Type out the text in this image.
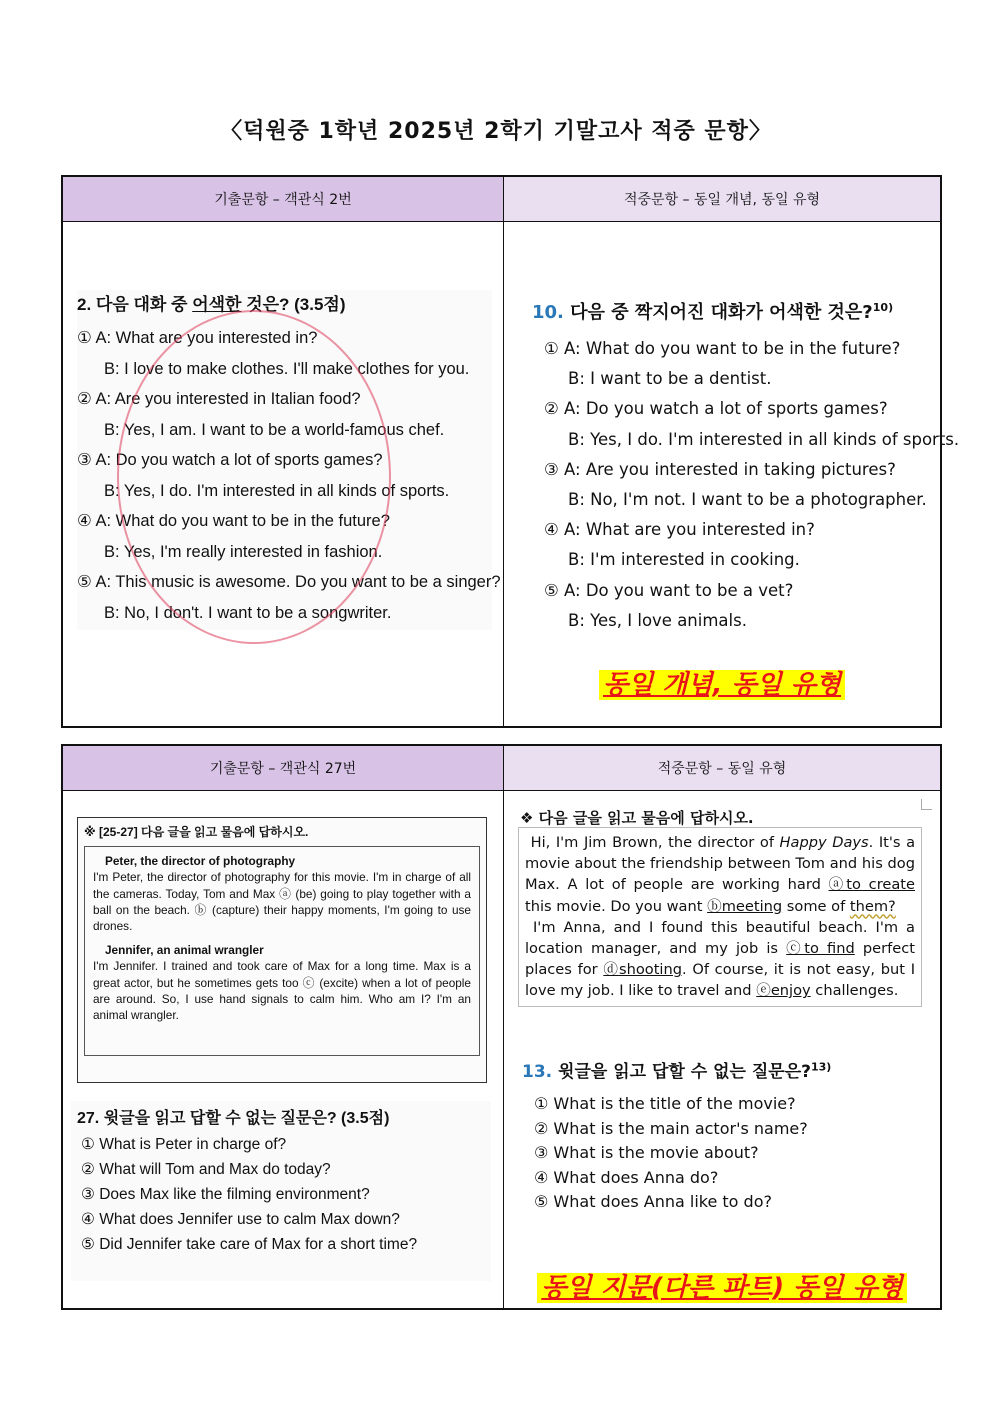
〈덕원중 1학년 2025년 2학기 기말고사 적중 문항〉
기출문항 – 객관식 2번	적중문항 – 동일 개념, 동일 유형
2. 다음 대화 중 어색한 것은? (3.5점)
① A: What are you interested in?
B: I love to make clothes. I'll make clothes for you.
② A: Are you interested in Italian food?
B: Yes, I am. I want to be a world-famous chef.
③ A: Do you watch a lot of sports games?
B: Yes, I do. I'm interested in all kinds of sports.
④ A: What do you want to be in the future?
B: Yes, I'm really interested in fashion.
⑤ A: This music is awesome. Do you want to be a singer?
B: No, I don't. I want to be a songwriter.
10. 다음 중 짝지어진 대화가 어색한 것은?$^{10)}$
① A: What do you want to be in the future?
B: I want to be a dentist.
② A: Do you watch a lot of sports games?
B: Yes, I do. I'm interested in all kinds of sports.
③ A: Are you interested in taking pictures?
B: No, I'm not. I want to be a photographer.
④ A: What are you interested in?
B: I'm interested in cooking.
⑤ A: Do you want to be a vet?
B: Yes, I love animals.
동일 개념, 동일 유형
기출문항 – 객관식 27번	적중문항 – 동일 유형
※ [25-27] 다음 글을 읽고 물음에 답하시오.
Peter, the director of photography

I'm Peter, the director of photography for this movie. I'm in charge of all the cameras. Today, Tom and Max ⓐ (be) going to play together with a ball on the beach. ⓑ (capture) their happy moments, I'm going to use drones.

Jennifer, an animal wrangler

I'm Jennifer. I trained and took care of Max for a long time. Max is a great actor, but he sometimes gets too ⓒ (excite) when a lot of people are around. So, I use hand signals to calm him. Who am I? I'm an animal wrangler.

27. 윗글을 읽고 답할 수 없는 질문은? (3.5점)
① What is Peter in charge of?
② What will Tom and Max do today?
③ Does Max like the filming environment?
④ What does Jennifer use to calm Max down?
⑤ Did Jennifer take care of Max for a short time?
❖ 다음 글을 읽고 물음에 답하시오.

Hi, I'm Jim Brown, the director of Happy Days. It's a movie about the friendship between Tom and his dog Max. A lot of people are working hard ⓐto create this movie. Do you want ⓑmeeting some of them?

I'm Anna, and I found this beautiful beach. I'm a location manager, and my job is ⓒto find perfect places for ⓓshooting. Of course, it is not easy, but I love my job. I like to travel and ⓔenjoy challenges.

13. 윗글을 읽고 답할 수 없는 질문은?$^{13)}$
① What is the title of the movie?
② What is the main actor's name?
③ What is the movie about?
④ What does Anna do?
⑤ What does Anna like to do?
동일 지문(다른 파트) 동일 유형
